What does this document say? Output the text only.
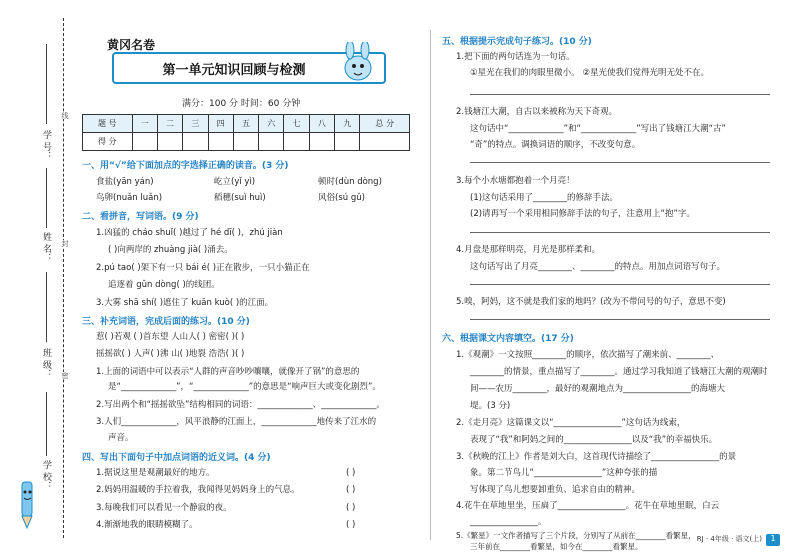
学 号：
姓 名：
班 级：
学 校：
线
封
密
黄冈名卷
第一单元知识回顾与检测
满分：100 分 时间：60 分钟
题 号	一	二	三	四	五	六	七	八	九	总 分
得 分										
一、用“√”给下面加点的字选择正确的读音。(3 分)
食盐(yān yán)	屹立(yǐ yì)	顿时(dùn dòng)
鸟卵(nuǎn luǎn)	稻穗(suì huì)	风俗(sú gǔ)
二、看拼音，写词语。(9 分)
1.凶猛的 cháo shuǐ( )越过了 hé dī( )，zhú jiàn
( )向两岸的 zhuàng jià( )涌去。
2.pú tao( )架下有一只 bái é( )正在散步，一只小猫正在
追逐着 gǔn dòng( )的线团。
3.大雾 shā shí( )遮住了 kuān kuò( )的江面。
三、补充词语，完成后面的练习。(10 分)
惹( )若观 ( )首东望 人山人( ) 密密( )( )
摇摇欲( ) 人声( )沸 山( )地裂 浩浩( )( )
1.上面的词语中可以表示“人群的声音吵吵嚷嚷，就像开了锅”的意思的
是“_____________”，“_____________”的意思是“响声巨大或变化剧烈”。
2.写出两个和“摇摇欲坠”结构相同的词语：_____________、_____________。
3.人们_____________，风平浪静的江面上，_____________地传来了江水的
声音。
四、写出下面句子中加点词语的近义词。(4 分)
1.据说这里是观潮最好的地方。	( )
2.妈妈用温暖的手拉着我，我闻得见妈妈身上的气息。	( )
3.每晚我们可以看见一个静寂的夜。	( )
4.渐渐地我的眼睛模糊了。	( )
五、根据提示完成句子练习。(10 分)
1.把下面的两句话连为一句话。
①星光在我们的肉眼里微小。 ②星光使我们觉得光明无处不在。
2.钱塘江大潮，自古以来被称为天下奇观。
这句话中“_____________”和“_____________”写出了钱塘江大潮“古”
“奇”的特点。调换词语的顺序，不改变句意。
3.每个小水塘都抱着一个月亮！
(1)这句话采用了________的修辞手法。
(2)请再写一个采用相同修辞手法的句子，注意用上“抱”字。
4.月盘是那样明亮，月光是那样柔和。
这句话写出了月亮________、________的特点。用加点词语写句子。
5.嗅，阿妈，这不就是我们家的地吗？(改为不带问号的句子，意思不变)
六、根据课文内容填空。(17 分)
1.《观潮》一文按照________的顺序，依次描写了潮来前、________、
________的情景，重点描写了________。通过学习我知道了钱塘江大潮的观潮时
间——农历________，最好的观潮地点为________________的海塘大
堤。(3 分)
2.《走月亮》这篇课文以“________________”这句话为线索，
表现了“我”和阿妈之间的________________以及“我”的幸福快乐。
3.《秋晚的江上》作者是刘大白，这首现代诗描绘了________________的景
象。第二节鸟儿“________________”这种夸张的描
写体现了鸟儿想要卸重负、追求自由的精神。
4.花牛在草地里坐，压扁了________________。花牛在草地里眠，白云
________________。
5.《繁星》一文作者描写了三个片段，分别写了从前在________看繁星，
三年前在________看繁星，如今在________看繁星。
RJ · 4年级 · 语文(上)	1
